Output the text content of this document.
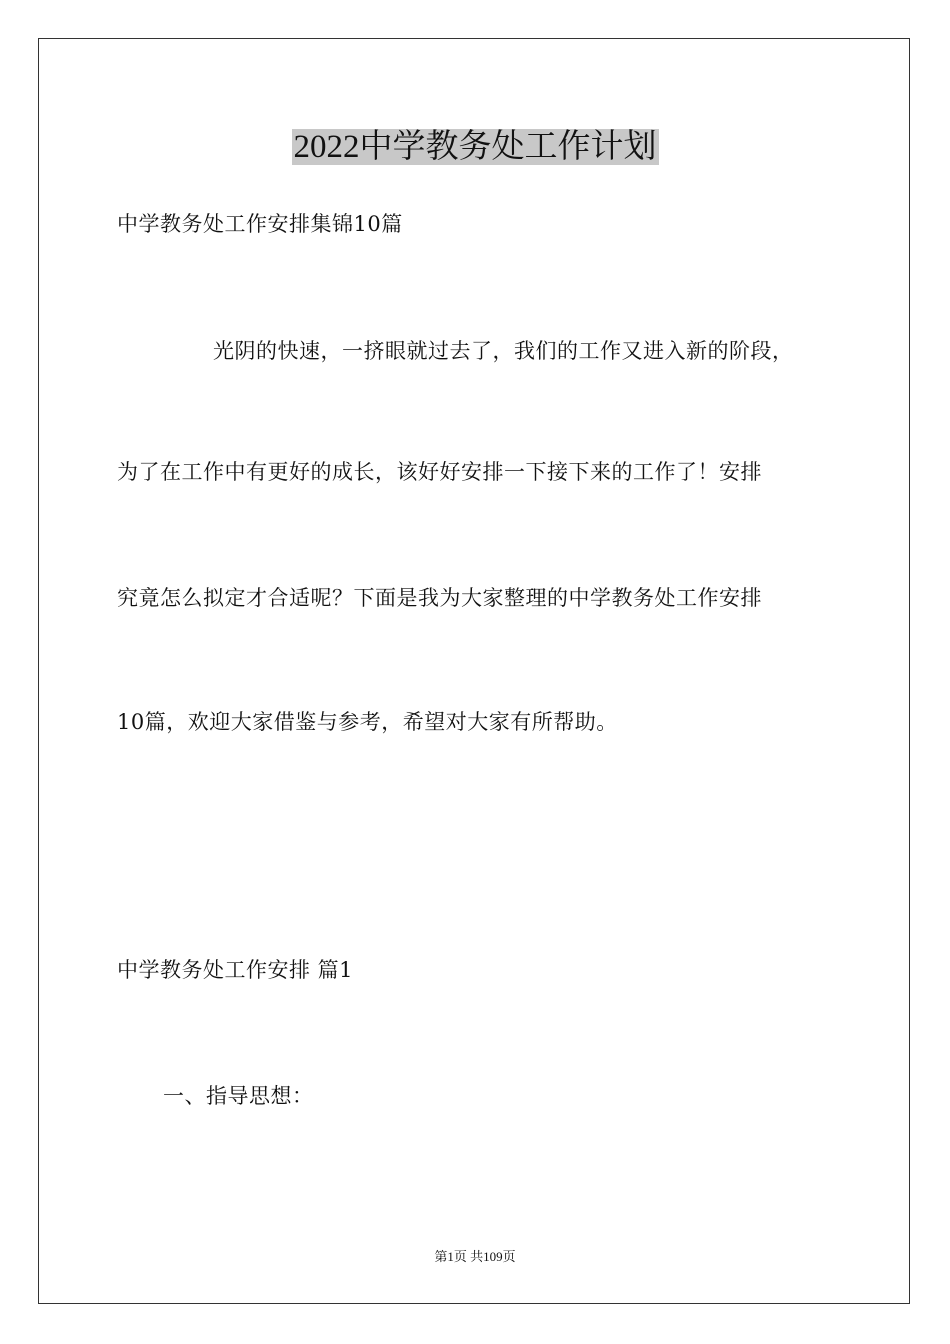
2022中学教务处工作计划

中学教务处工作安排集锦10篇

光阴的快速，一挤眼就过去了，我们的工作又进入新的阶段，

为了在工作中有更好的成长，该好好安排一下接下来的工作了！安排

究竟怎么拟定才合适呢？下面是我为大家整理的中学教务处工作安排

10篇，欢迎大家借鉴与参考，希望对大家有所帮助。

中学教务处工作安排 篇1

一、指导思想：

第1页 共109页
